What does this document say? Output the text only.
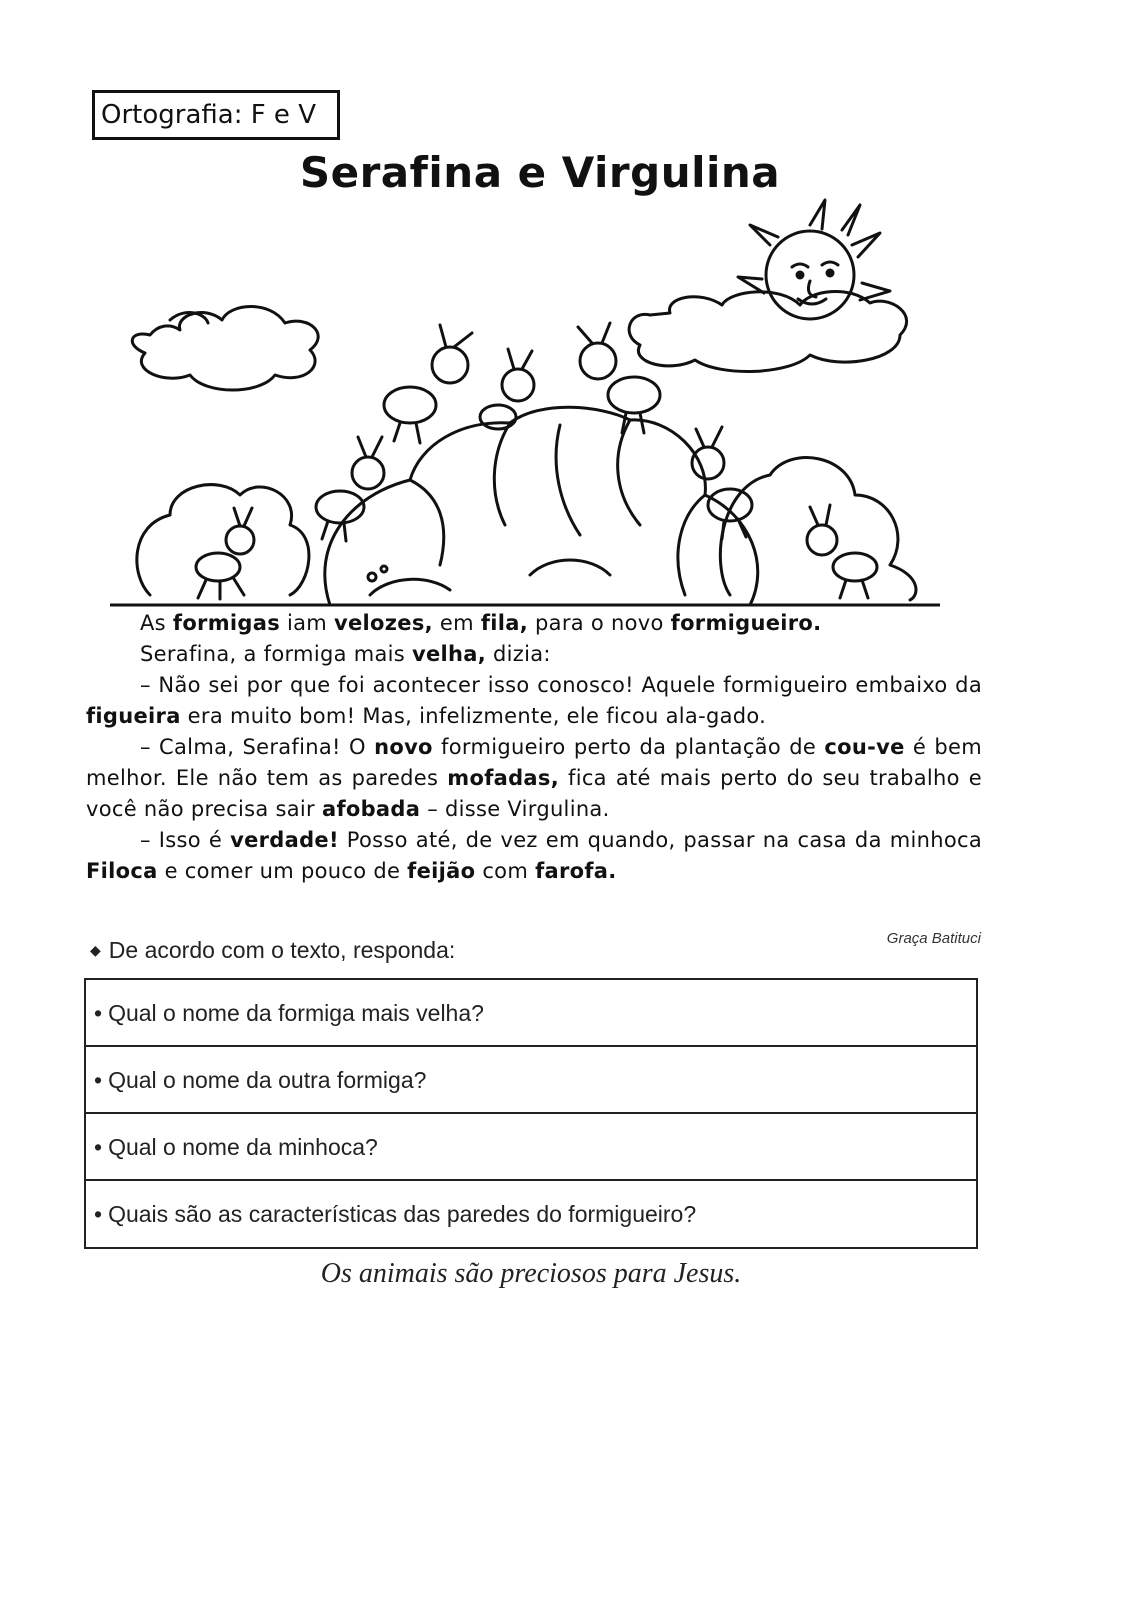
Ortografia: F e V
Serafina e Virgulina

As formigas iam velozes, em fila, para o novo formigueiro.

Serafina, a formiga mais velha, dizia:

– Não sei por que foi acontecer isso conosco! Aquele formigueiro embaixo da figueira era muito bom! Mas, infelizmente, ele ficou ala-gado.

– Calma, Serafina! O novo formigueiro perto da plantação de cou-ve é bem melhor. Ele não tem as paredes mofadas, fica até mais perto do seu trabalho e você não precisa sair afobada – disse Virgulina.

– Isso é verdade! Posso até, de vez em quando, passar na casa da minhoca Filoca e comer um pouco de feijão com farofa.

Graça Batituci
◆ De acordo com o texto, responda:
• Qual o nome da formiga mais velha?
• Qual o nome da outra formiga?
• Qual o nome da minhoca?
• Quais são as características das paredes do formigueiro?
Os animais são preciosos para Jesus.
